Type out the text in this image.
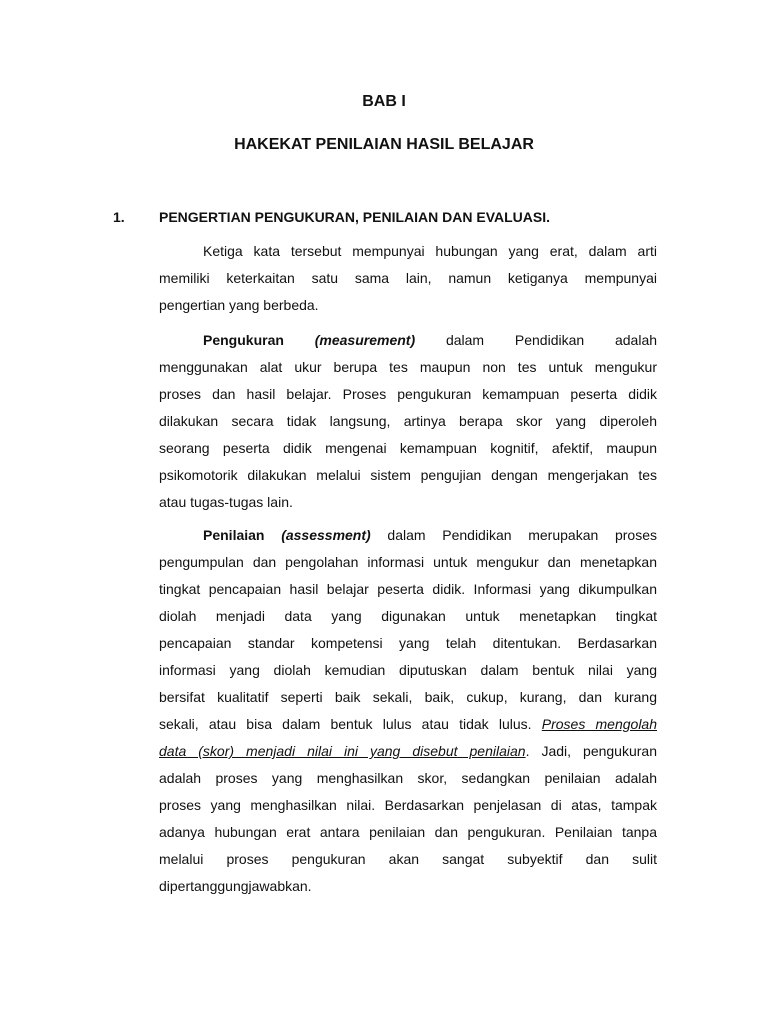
BAB I
HAKEKAT PENILAIAN HASIL BELAJAR
1. PENGERTIAN PENGUKURAN, PENILAIAN DAN EVALUASI.
Ketiga kata tersebut mempunyai hubungan yang erat, dalam arti
memiliki keterkaitan satu sama lain, namun ketiganya mempunyai
pengertian yang berbeda.
Pengukuran (measurement) dalam Pendidikan adalah
menggunakan alat ukur berupa tes maupun non tes untuk mengukur
proses dan hasil belajar. Proses pengukuran kemampuan peserta didik
dilakukan secara tidak langsung, artinya berapa skor yang diperoleh
seorang peserta didik mengenai kemampuan kognitif, afektif, maupun
psikomotorik dilakukan melalui sistem pengujian dengan mengerjakan tes
atau tugas-tugas lain.
Penilaian (assessment) dalam Pendidikan merupakan proses
pengumpulan dan pengolahan informasi untuk mengukur dan menetapkan
tingkat pencapaian hasil belajar peserta didik. Informasi yang dikumpulkan
diolah menjadi data yang digunakan untuk menetapkan tingkat
pencapaian standar kompetensi yang telah ditentukan. Berdasarkan
informasi yang diolah kemudian diputuskan dalam bentuk nilai yang
bersifat kualitatif seperti baik sekali, baik, cukup, kurang, dan kurang
sekali, atau bisa dalam bentuk lulus atau tidak lulus. Proses mengolah
data (skor) menjadi nilai ini yang disebut penilaian. Jadi, pengukuran
adalah proses yang menghasilkan skor, sedangkan penilaian adalah
proses yang menghasilkan nilai. Berdasarkan penjelasan di atas, tampak
adanya hubungan erat antara penilaian dan pengukuran. Penilaian tanpa
melalui proses pengukuran akan sangat subyektif dan sulit
dipertanggungjawabkan.
